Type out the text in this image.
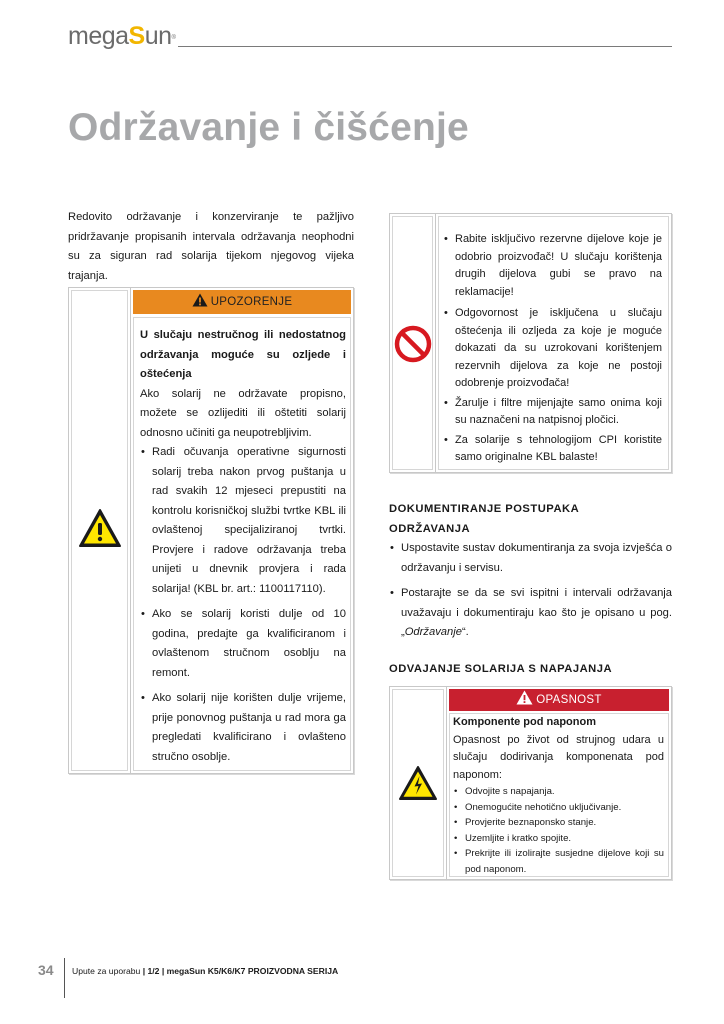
megaSun®
Održavanje i čišćenje

Redovito održavanje i konzerviranje te pažljivo pridržavanje propisanih intervala održavanja neophodni su za siguran rad solarija tijekom njegovog vijeka trajanja.

UPOZORENJE
U slučaju nestručnog ili nedostatnog održavanja moguće su ozljede i oštećenja
Ako solarij ne održavate propisno, možete se ozlijediti ili oštetiti solarij odnosno učiniti ga neupotrebljivim.
• Radi očuvanja operativne sigurnosti solarij treba nakon prvog puštanja u rad svakih 12 mjeseci prepustiti na kontrolu korisničkoj službi tvrtke KBL ili ovlaštenoj specijaliziranoj tvrtki. Provjere i radove održavanja treba unijeti u dnevnik provjera i rada solarija! (KBL br. art.: 1100117110).
• Ako se solarij koristi dulje od 10 godina, predajte ga kvalificiranom i ovlaštenom stručnom osoblju na remont.
• Ako solarij nije korišten dulje vrijeme, prije ponovnog puštanja u rad mora ga pregledati kvalificirano i ovlašteno stručno osoblje.
• Rabite isključivo rezervne dijelove koje je odobrio proizvođač! U slučaju korištenja drugih dijelova gubi se pravo na reklamacije!
• Odgovornost je isključena u slučaju oštećenja ili ozljeda za koje je moguće dokazati da su uzrokovani korištenjem rezervnih dijelova za koje ne postoji odobrenje proizvođača!
• Žarulje i filtre mijenjajte samo onima koji su naznačeni na natpisnoj pločici.
• Za solarije s tehnologijom CPI koristite samo originalne KBL balaste!
DOKUMENTIRANJE POSTUPAKA
ODRŽAVANJA
• Uspostavite sustav dokumentiranja za svoja izvješća o održavanju i servisu.
• Postarajte se da se svi ispitni i intervali održavanja uvažavaju i dokumentiraju kao što je opisano u pog. „Održavanje“.
ODVAJANJE SOLARIJA S NAPAJANJA
OPASNOST
Komponente pod naponom
Opasnost po život od strujnog udara u slučaju dodirivanja komponenata pod naponom:
• Odvojite s napajanja.
• Onemogućite nehotično uključivanje.
• Provjerite beznaponsko stanje.
• Uzemljite i kratko spojite.
• Prekrijte ili izolirajte susjedne dijelove koji su pod naponom.
34 Upute za uporabu | 1/2 | megaSun K5/K6/K7 PROIZVODNA SERIJA
